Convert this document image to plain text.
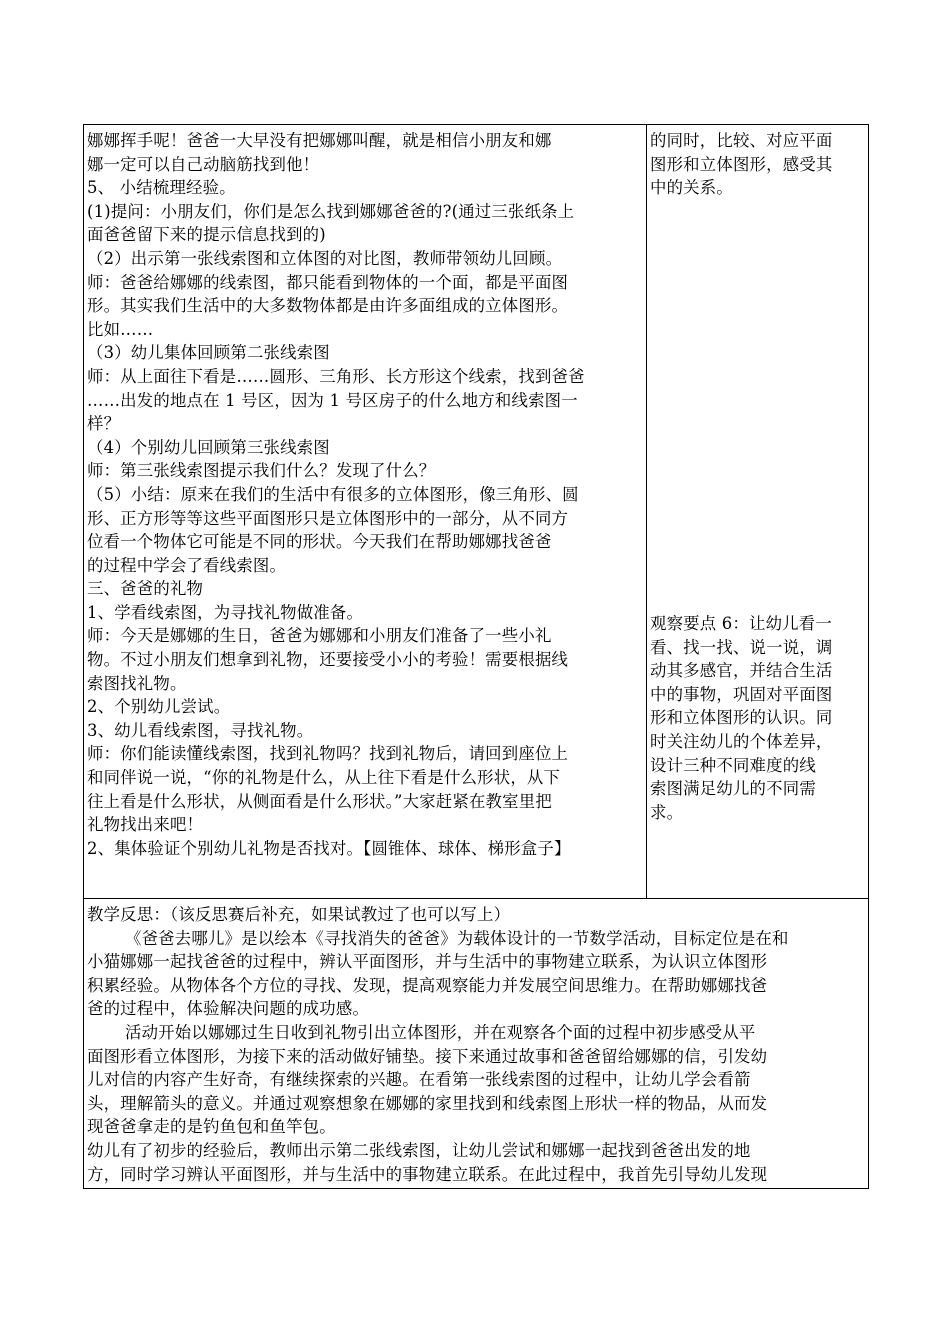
娜娜挥手呢！爸爸一大早没有把娜娜叫醒，就是相信小朋友和娜
娜一定可以自己动脑筋找到他！
5、 小结梳理经验。
(1)提问：小朋友们，你们是怎么找到娜娜爸爸的?(通过三张纸条上
面爸爸留下来的提示信息找到的)
（2）出示第一张线索图和立体图的对比图，教师带领幼儿回顾。
师：爸爸给娜娜的线索图，都只能看到物体的一个面，都是平面图
形。其实我们生活中的大多数物体都是由许多面组成的立体图形。
比如……
（3）幼儿集体回顾第二张线索图
师：从上面往下看是……圆形、三角形、长方形这个线索，找到爸爸
……出发的地点在 1 号区，因为 1 号区房子的什么地方和线索图一
样？
（4）个别幼儿回顾第三张线索图
师：第三张线索图提示我们什么？发现了什么？
（5）小结：原来在我们的生活中有很多的立体图形，像三角形、圆
形、正方形等等这些平面图形只是立体图形中的一部分，从不同方
位看一个物体它可能是不同的形状。今天我们在帮助娜娜找爸爸
的过程中学会了看线索图。
三、爸爸的礼物
1、学看线索图，为寻找礼物做准备。
师：今天是娜娜的生日，爸爸为娜娜和小朋友们准备了一些小礼
物。不过小朋友们想拿到礼物，还要接受小小的考验！需要根据线
索图找礼物。
2、个别幼儿尝试。
3、幼儿看线索图，寻找礼物。
师：你们能读懂线索图，找到礼物吗？找到礼物后，请回到座位上
和同伴说一说，“你的礼物是什么，从上往下看是什么形状，从下
往上看是什么形状，从侧面看是什么形状。”大家赶紧在教室里把
礼物找出来吧！
2、集体验证个别幼儿礼物是否找对。【圆锥体、球体、梯形盒子】
的同时，比较、对应平面
图形和立体图形，感受其
中的关系。
观察要点 6：让幼儿看一
看、找一找、说一说，调
动其多感官，并结合生活
中的事物，巩固对平面图
形和立体图形的认识。同
时关注幼儿的个体差异，
设计三种不同难度的线
索图满足幼儿的不同需
求。
教学反思：（该反思赛后补充，如果试教过了也可以写上）
《爸爸去哪儿》是以绘本《寻找消失的爸爸》为载体设计的一节数学活动，目标定位是在和
小猫娜娜一起找爸爸的过程中，辨认平面图形，并与生活中的事物建立联系，为认识立体图形
积累经验。从物体各个方位的寻找、发现，提高观察能力并发展空间思维力。在帮助娜娜找爸
爸的过程中，体验解决问题的成功感。
活动开始以娜娜过生日收到礼物引出立体图形，并在观察各个面的过程中初步感受从平
面图形看立体图形，为接下来的活动做好铺垫。接下来通过故事和爸爸留给娜娜的信，引发幼
儿对信的内容产生好奇，有继续探索的兴趣。在看第一张线索图的过程中，让幼儿学会看箭
头，理解箭头的意义。并通过观察想象在娜娜的家里找到和线索图上形状一样的物品，从而发
现爸爸拿走的是钓鱼包和鱼竿包。
幼儿有了初步的经验后，教师出示第二张线索图，让幼儿尝试和娜娜一起找到爸爸出发的地
方，同时学习辨认平面图形，并与生活中的事物建立联系。在此过程中，我首先引导幼儿发现
